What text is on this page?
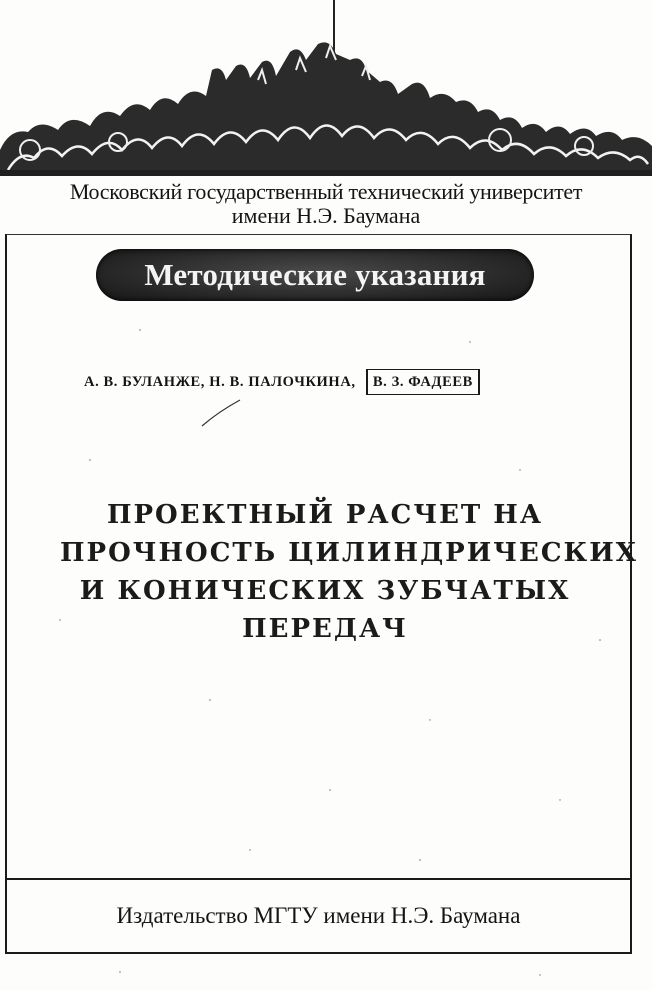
Московский государственный технический университет
имени Н.Э. Баумана
Методические указания
А. В. БУЛАНЖЕ, Н. В. ПАЛОЧКИНА, В. З. ФАДЕЕВ
ПРОЕКТНЫЙ РАСЧЕТ НА
ПРОЧНОСТЬ ЦИЛИНДРИЧЕСКИХ
И КОНИЧЕСКИХ ЗУБЧАТЫХ
ПЕРЕДАЧ
Издательство МГТУ имени Н.Э. Баумана
